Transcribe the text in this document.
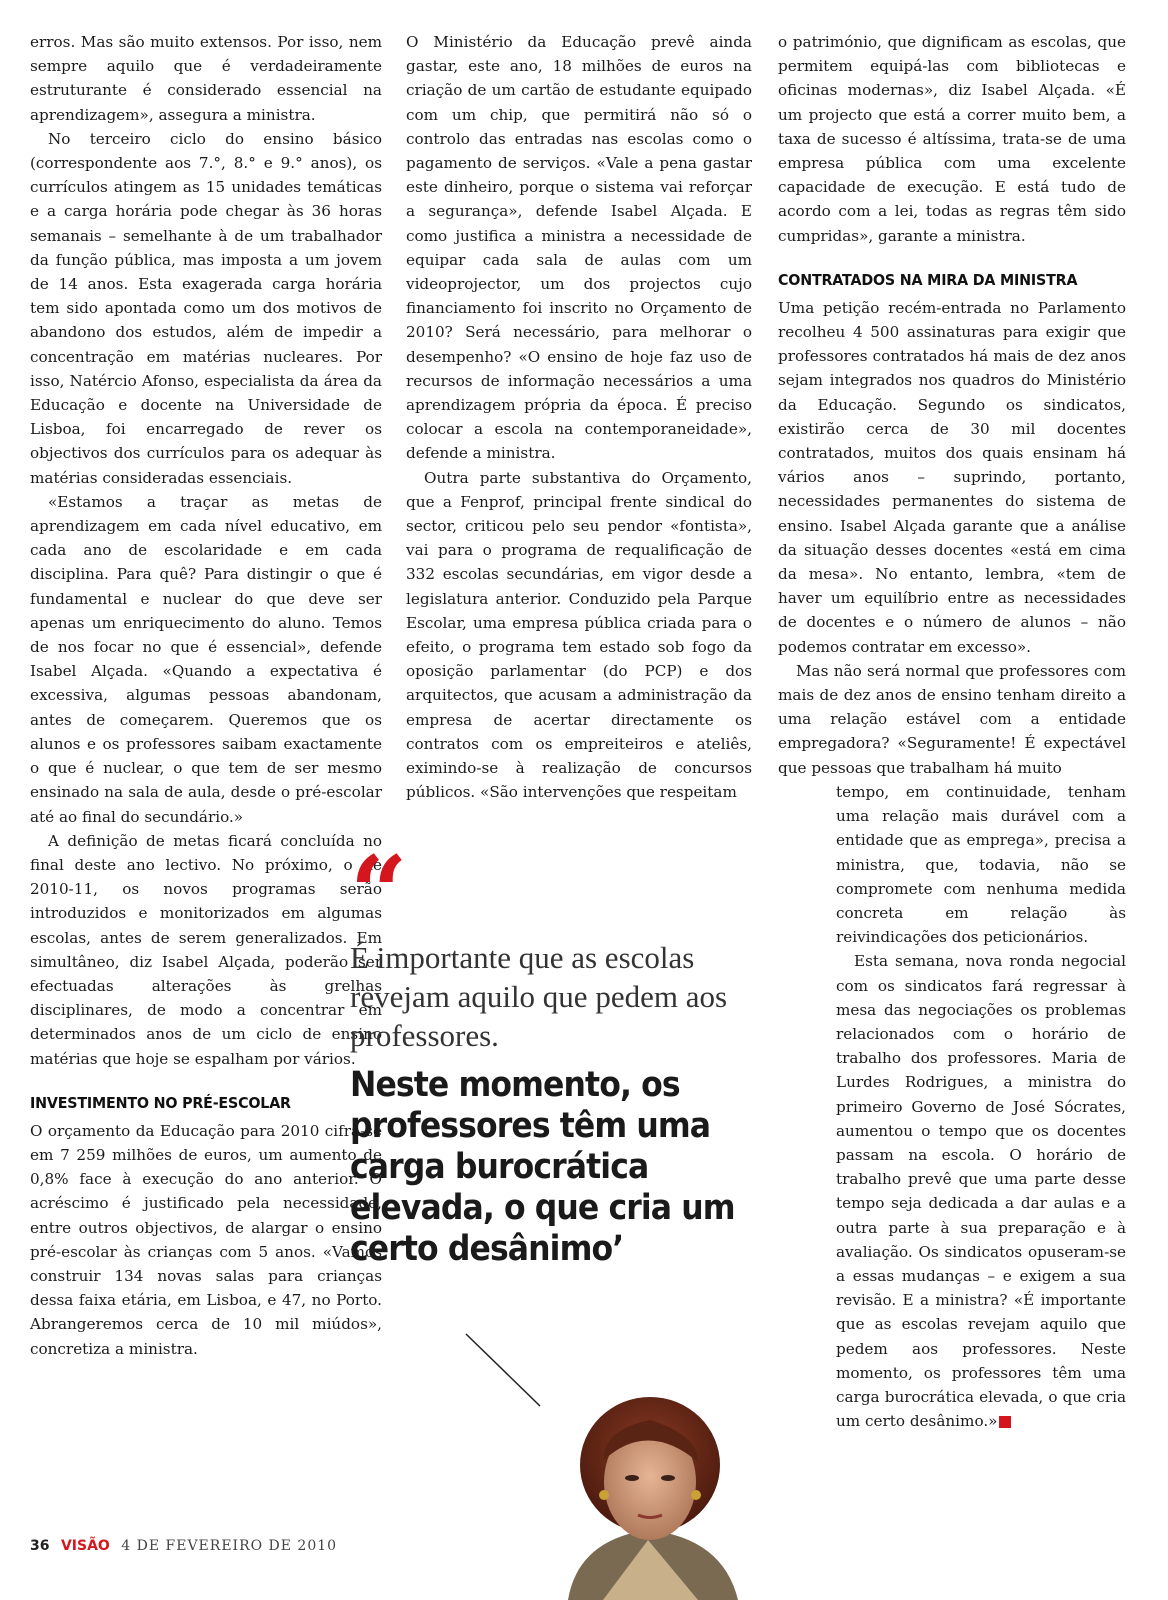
erros. Mas são muito extensos. Por isso, nem sempre aquilo que é verdadeiramente estruturante é considerado essencial na aprendizagem», assegura a ministra.

No terceiro ciclo do ensino básico (correspondente aos 7.°, 8.° e 9.° anos), os currículos atingem as 15 unidades temáticas e a carga horária pode chegar às 36 horas semanais – semelhante à de um trabalhador da função pública, mas imposta a um jovem de 14 anos. Esta exagerada carga horária tem sido apontada como um dos motivos de abandono dos estudos, além de impedir a concentração em matérias nucleares. Por isso, Natércio Afonso, especialista da área da Educação e docente na Universidade de Lisboa, foi encarregado de rever os objectivos dos currículos para os adequar às matérias consideradas essenciais.

«Estamos a traçar as metas de aprendizagem em cada nível educativo, em cada ano de escolaridade e em cada disciplina. Para quê? Para distingir o que é fundamental e nuclear do que deve ser apenas um enriquecimento do aluno. Temos de nos focar no que é essencial», defende Isabel Alçada. «Quando a expectativa é excessiva, algumas pessoas abandonam, antes de começarem. Queremos que os alunos e os professores saibam exactamente o que é nuclear, o que tem de ser mesmo ensinado na sala de aula, desde o pré-escolar até ao final do secundário.»

A definição de metas ficará concluída no final deste ano lectivo. No próximo, o de 2010-11, os novos programas serão introduzidos e monitorizados em algumas escolas, antes de serem generalizados. Em simultâneo, diz Isabel Alçada, poderão ser efectuadas alterações às grelhas disciplinares, de modo a concentrar em determinados anos de um ciclo de ensino matérias que hoje se espalham por vários.

INVESTIMENTO NO PRÉ-ESCOLAR

O orçamento da Educação para 2010 cifra-se em 7 259 milhões de euros, um aumento de 0,8% face à execução do ano anterior. O acréscimo é justificado pela necessidade, entre outros objectivos, de alargar o ensino pré-escolar às crianças com 5 anos. «Vamos construir 134 novas salas para crianças dessa faixa etária, em Lisboa, e 47, no Porto. Abrangeremos cerca de 10 mil miúdos», concretiza a ministra.

O Ministério da Educação prevê ainda gastar, este ano, 18 milhões de euros na criação de um cartão de estudante equipado com um chip, que permitirá não só o controlo das entradas nas escolas como o pagamento de serviços. «Vale a pena gastar este dinheiro, porque o sistema vai reforçar a segurança», defende Isabel Alçada. E como justifica a ministra a necessidade de equipar cada sala de aulas com um videoprojector, um dos projectos cujo financiamento foi inscrito no Orçamento de 2010? Será necessário, para melhorar o desempenho? «O ensino de hoje faz uso de recursos de informação necessários a uma aprendizagem própria da época. É preciso colocar a escola na contemporaneidade», defende a ministra.

Outra parte substantiva do Orçamento, que a Fenprof, principal frente sindical do sector, criticou pelo seu pendor «fontista», vai para o programa de requalificação de 332 escolas secundárias, em vigor desde a legislatura anterior. Conduzido pela Parque Escolar, uma empresa pública criada para o efeito, o programa tem estado sob fogo da oposição parlamentar (do PCP) e dos arquitectos, que acusam a administração da empresa de acertar directamente os contratos com os empreiteiros e ateliês, eximindo-se à realização de concursos públicos. «São intervenções que respeitam

“
É importante que as escolas revejam aquilo que pedem aos professores.
Neste momento, os professores têm uma carga burocrática elevada, o que cria um certo desânimo’

o património, que dignificam as escolas, que permitem equipá-las com bibliotecas e oficinas modernas», diz Isabel Alçada. «É um projecto que está a correr muito bem, a taxa de sucesso é altíssima, trata-se de uma empresa pública com uma excelente capacidade de execução. E está tudo de acordo com a lei, todas as regras têm sido cumpridas», garante a ministra.

CONTRATADOS NA MIRA DA MINISTRA

Uma petição recém-entrada no Parlamento recolheu 4 500 assinaturas para exigir que professores contratados há mais de dez anos sejam integrados nos quadros do Ministério da Educação. Segundo os sindicatos, existirão cerca de 30 mil docentes contratados, muitos dos quais ensinam há vários anos – suprindo, portanto, necessidades permanentes do sistema de ensino. Isabel Alçada garante que a análise da situação desses docentes «está em cima da mesa». No entanto, lembra, «tem de haver um equilíbrio entre as necessidades de docentes e o número de alunos – não podemos contratar em excesso».

Mas não será normal que professores com mais de dez anos de ensino tenham direito a uma relação estável com a entidade empregadora? «Seguramente! É expectável que pessoas que trabalham há muito

tempo, em continuidade, tenham uma relação mais durável com a entidade que as emprega», precisa a ministra, que, todavia, não se compromete com nenhuma medida concreta em relação às reivindicações dos peticionários.

Esta semana, nova ronda negocial com os sindicatos fará regressar à mesa das negociações os problemas relacionados com o horário de trabalho dos professores. Maria de Lurdes Rodrigues, a ministra do primeiro Governo de José Sócrates, aumentou o tempo que os docentes passam na escola. O horário de trabalho prevê que uma parte desse tempo seja dedicada a dar aulas e a outra parte à sua preparação e à avaliação. Os sindicatos opuseram-se a essas mudanças – e exigem a sua revisão. E a ministra? «É importante que as escolas revejam aquilo que pedem aos professores. Neste momento, os professores têm uma carga burocrática elevada, o que cria um certo desânimo.»

36 VISÃO 4 DE FEVEREIRO DE 2010
